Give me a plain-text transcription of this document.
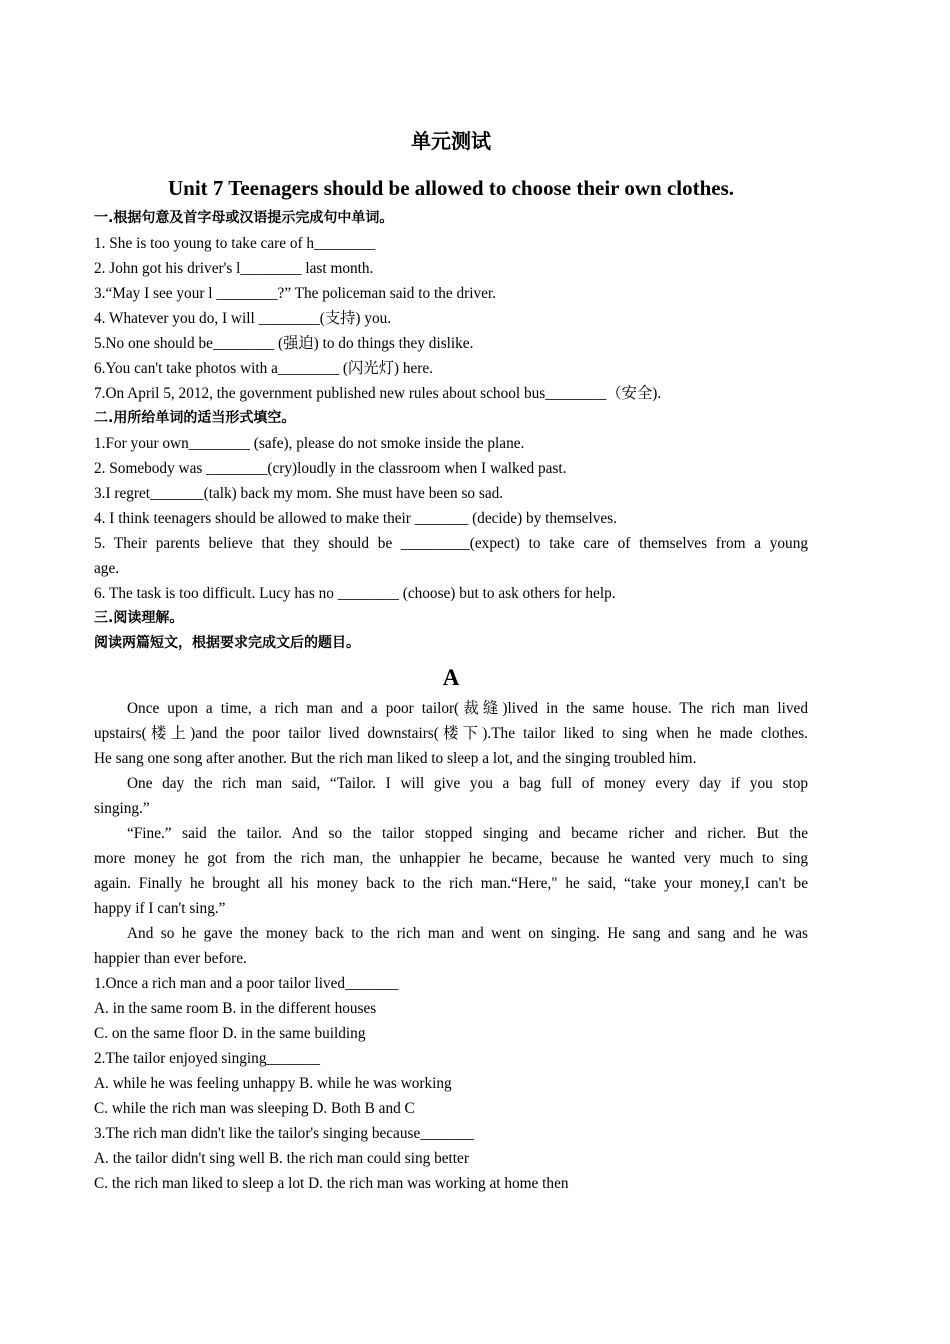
单元测试
Unit 7 Teenagers should be allowed to choose their own clothes.
一.根据句意及首字母或汉语提示完成句中单词。
1. She is too young to take care of h________
2. John got his driver's l________ last month.
3.“May I see your l ________?” The policeman said to the driver.
4. Whatever you do, I will ________(支持) you.
5.No one should be________ (强迫) to do things they dislike.
6.You can't take photos with a________ (闪光灯) here.
7.On April 5, 2012, the government published new rules about school bus________（安全).
二.用所给单词的适当形式填空。
1.For your own________ (safe), please do not smoke inside the plane.
2. Somebody was ________(cry)loudly in the classroom when I walked past.
3.I regret_______(talk) back my mom. She must have been so sad.
4. I think teenagers should be allowed to make their _______ (decide) by themselves.
5. Their parents believe that they should be _________(expect) to take care of themselves from a young
age.
6. The task is too difficult. Lucy has no ________ (choose) but to ask others for help.
三.阅读理解。
阅读两篇短文，根据要求完成文后的题目。
A
Once upon a time, a rich man and a poor tailor(裁缝)lived in the same house. The rich man lived
upstairs(楼上)and the poor tailor lived downstairs(楼下).The tailor liked to sing when he made clothes.
He sang one song after another. But the rich man liked to sleep a lot, and the singing troubled him.
One day the rich man said, “Tailor. I will give you a bag full of money every day if you stop
singing.”
“Fine.” said the tailor. And so the tailor stopped singing and became richer and richer. But the
more money he got from the rich man, the unhappier he became, because he wanted very much to sing
again. Finally he brought all his money back to the rich man.“Here," he said, “take your money,I can't be
happy if I can't sing.”
And so he gave the money back to the rich man and went on singing. He sang and sang and he was
happier than ever before.
1.Once a rich man and a poor tailor lived_______
A. in the same room B. in the different houses
C. on the same floor D. in the same building
2.The tailor enjoyed singing_______
A. while he was feeling unhappy B. while he was working
C. while the rich man was sleeping D. Both B and C
3.The rich man didn't like the tailor's singing because_______
A. the tailor didn't sing well B. the rich man could sing better
C. the rich man liked to sleep a lot D. the rich man was working at home then
